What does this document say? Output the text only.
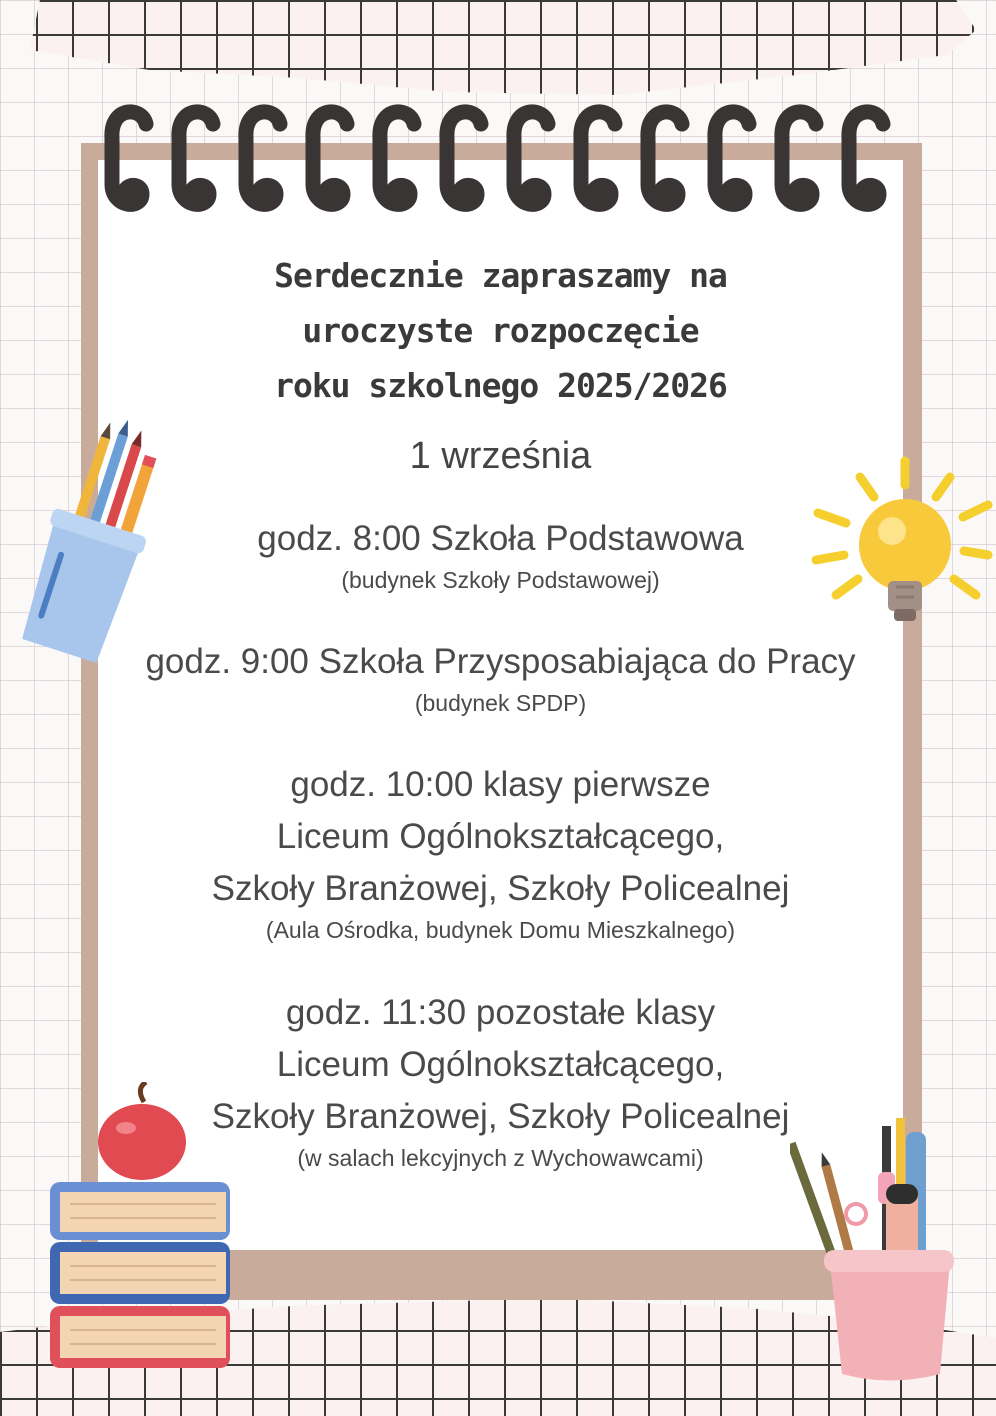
Serdecznie zapraszamy na
uroczyste rozpoczęcie
roku szkolnego 2025/2026
1 września
godz. 8:00 Szkoła Podstawowa
(budynek Szkoły Podstawowej)
godz. 9:00 Szkoła Przysposabiająca do Pracy
(budynek SPDP)
godz. 10:00 klasy pierwsze
Liceum Ogólnokształcącego,
Szkoły Branżowej, Szkoły Policealnej
(Aula Ośrodka, budynek Domu Mieszkalnego)
godz. 11:30 pozostałe klasy
Liceum Ogólnokształcącego,
Szkoły Branżowej, Szkoły Policealnej
(w salach lekcyjnych z Wychowawcami)
